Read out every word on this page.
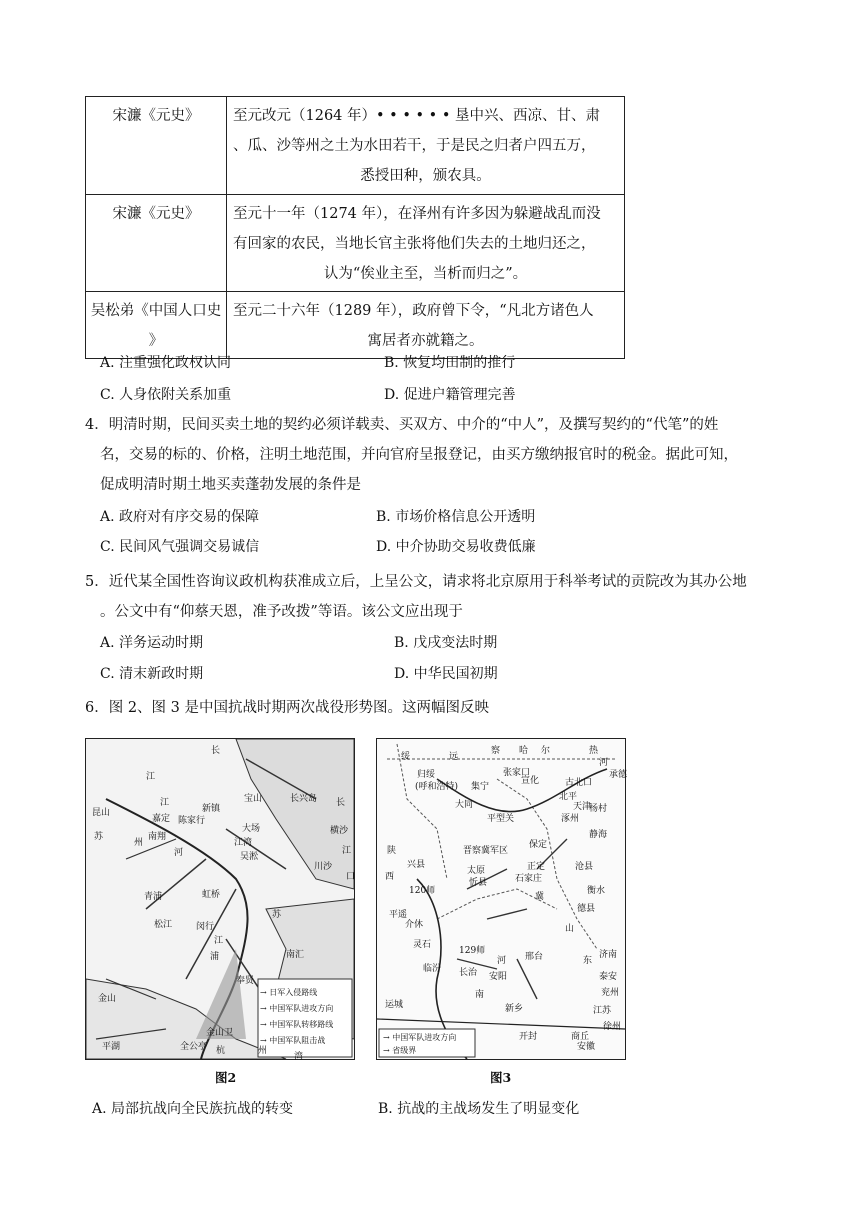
宋濂《元史》	至元改元（1264 年）• • • • • • 垦中兴、西凉、甘、肃
、瓜、沙等州之土为水田若干，于是民之归者户四五万，
悉授田种，颁农具。

宋濂《元史》	至元十一年（1274 年），在泽州有许多因为躲避战乱而没
有回家的农民，当地长官主张将他们失去的土地归还之，
认为“俟业主至，当析而归之”。

吴松弟《中国人口史
》	至元二十六年（1289 年），政府曾下令，“凡北方诸色人
寓居者亦就籍之。
A. 注重强化政权认同	B. 恢复均田制的推行
C. 人身依附关系加重	D. 促进户籍管理完善
4．明清时期，民间买卖土地的契约必须详载卖、买双方、中介的“中人”，及撰写契约的“代笔”的姓
名，交易的标的、价格，注明土地范围，并向官府呈报登记，由买方缴纳报官时的税金。据此可知，
促成明清时期土地买卖蓬勃发展的条件是
A. 政府对有序交易的保障	B. 市场价格信息公开透明
C. 民间风气强调交易诚信	D. 中介协助交易收费低廉
5．近代某全国性咨询议政机构获准成立后，上呈公文，请求将北京原用于科举考试的贡院改为其办公地
。公文中有“仰蔡天恩，准予改拨”等语。该公文应出现于
A. 洋务运动时期	B. 戊戌变法时期
C. 清末新政时期	D. 中华民国初期
6．图 2、图 3 是中国抗战时期两次战役形势图。这两幅图反映
长
江
江
昆山
嘉定
宝山
新镇
陈家行
南翔
大场
江湾
吴淞
长兴岛
苏
州
河
川沙
横沙
长
江
口
青浦	虹桥
松江	闵行
苏
南汇
奉贤
金山
平湖	全公亭
金山卫
杭	州
湾
浦
江
→ 日军入侵路线
→ 中国军队进攻方向
→ 中国军队转移路线
→ 中国军队阻击战
图2
绥	远
察 哈 尔	热
河
承德
张家口
宣化	古北口
北平
天津
涿州
归绥
(呼和浩特) 集宁
大同
平型关
保定
杨村
静海
晋察冀军区
陕
西
兴县
太原
120师
忻县	石家庄
正定
冀
沧县
衡水
德县
平遥
介休
灵石
129师
邢台
临汾 长治 安阳
山
东
河
南
新乡
开封	商丘
徐州
济南
泰安
兖州
运城
江苏
安徽
→ 中国军队进攻方向
→ 省级界
图3
A. 局部抗战向全民族抗战的转变	B. 抗战的主战场发生了明显变化
